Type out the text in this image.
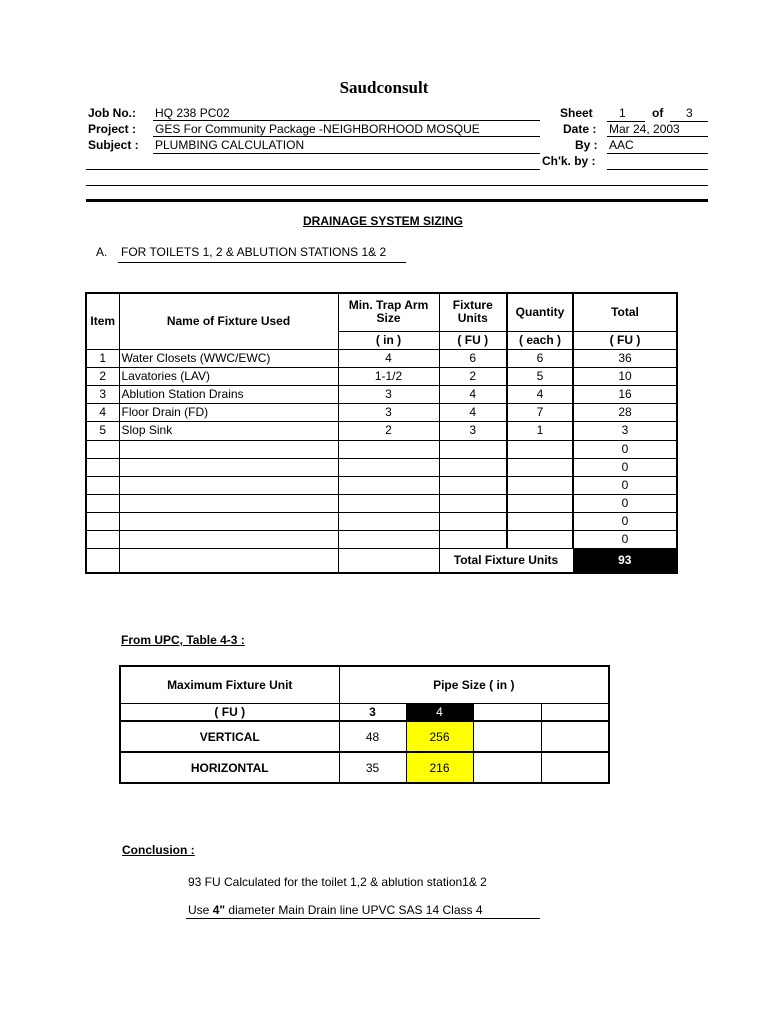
Saudconsult
Job No.: HQ 238 PC02
Project : GES For Community Package -NEIGHBORHOOD MOSQUE
Subject : PLUMBING CALCULATION
Sheet 1 of 3
Date : Mar 24, 2003
By : AAC
Ch'k. by :
DRAINAGE SYSTEM SIZING
A. FOR TOILETS 1, 2 & ABLUTION STATIONS 1& 2
Item	Name of Fixture Used	Min. Trap Arm Size	Fixture Units	Quantity	Total
		( in )	( FU )	( each )	( FU )
1	Water Closets (WWC/EWC)	4	6	6	36
2	Lavatories (LAV)	1-1/2	2	5	10
3	Ablution Station Drains	3	4	4	16
4	Floor Drain (FD)	3	4	7	28
5	Slop Sink	2	3	1	3
					0
					0
					0
					0
					0
					0
			Total Fixture Units		93
From UPC, Table 4-3 :
Maximum Fixture Unit	Pipe Size ( in )			
( FU )	3	4		
VERTICAL	48	256		
HORIZONTAL	35	216		
Conclusion :
93 FU Calculated for the toilet 1,2 & ablution station1& 2
Use 4" diameter Main Drain line UPVC SAS 14 Class 4
